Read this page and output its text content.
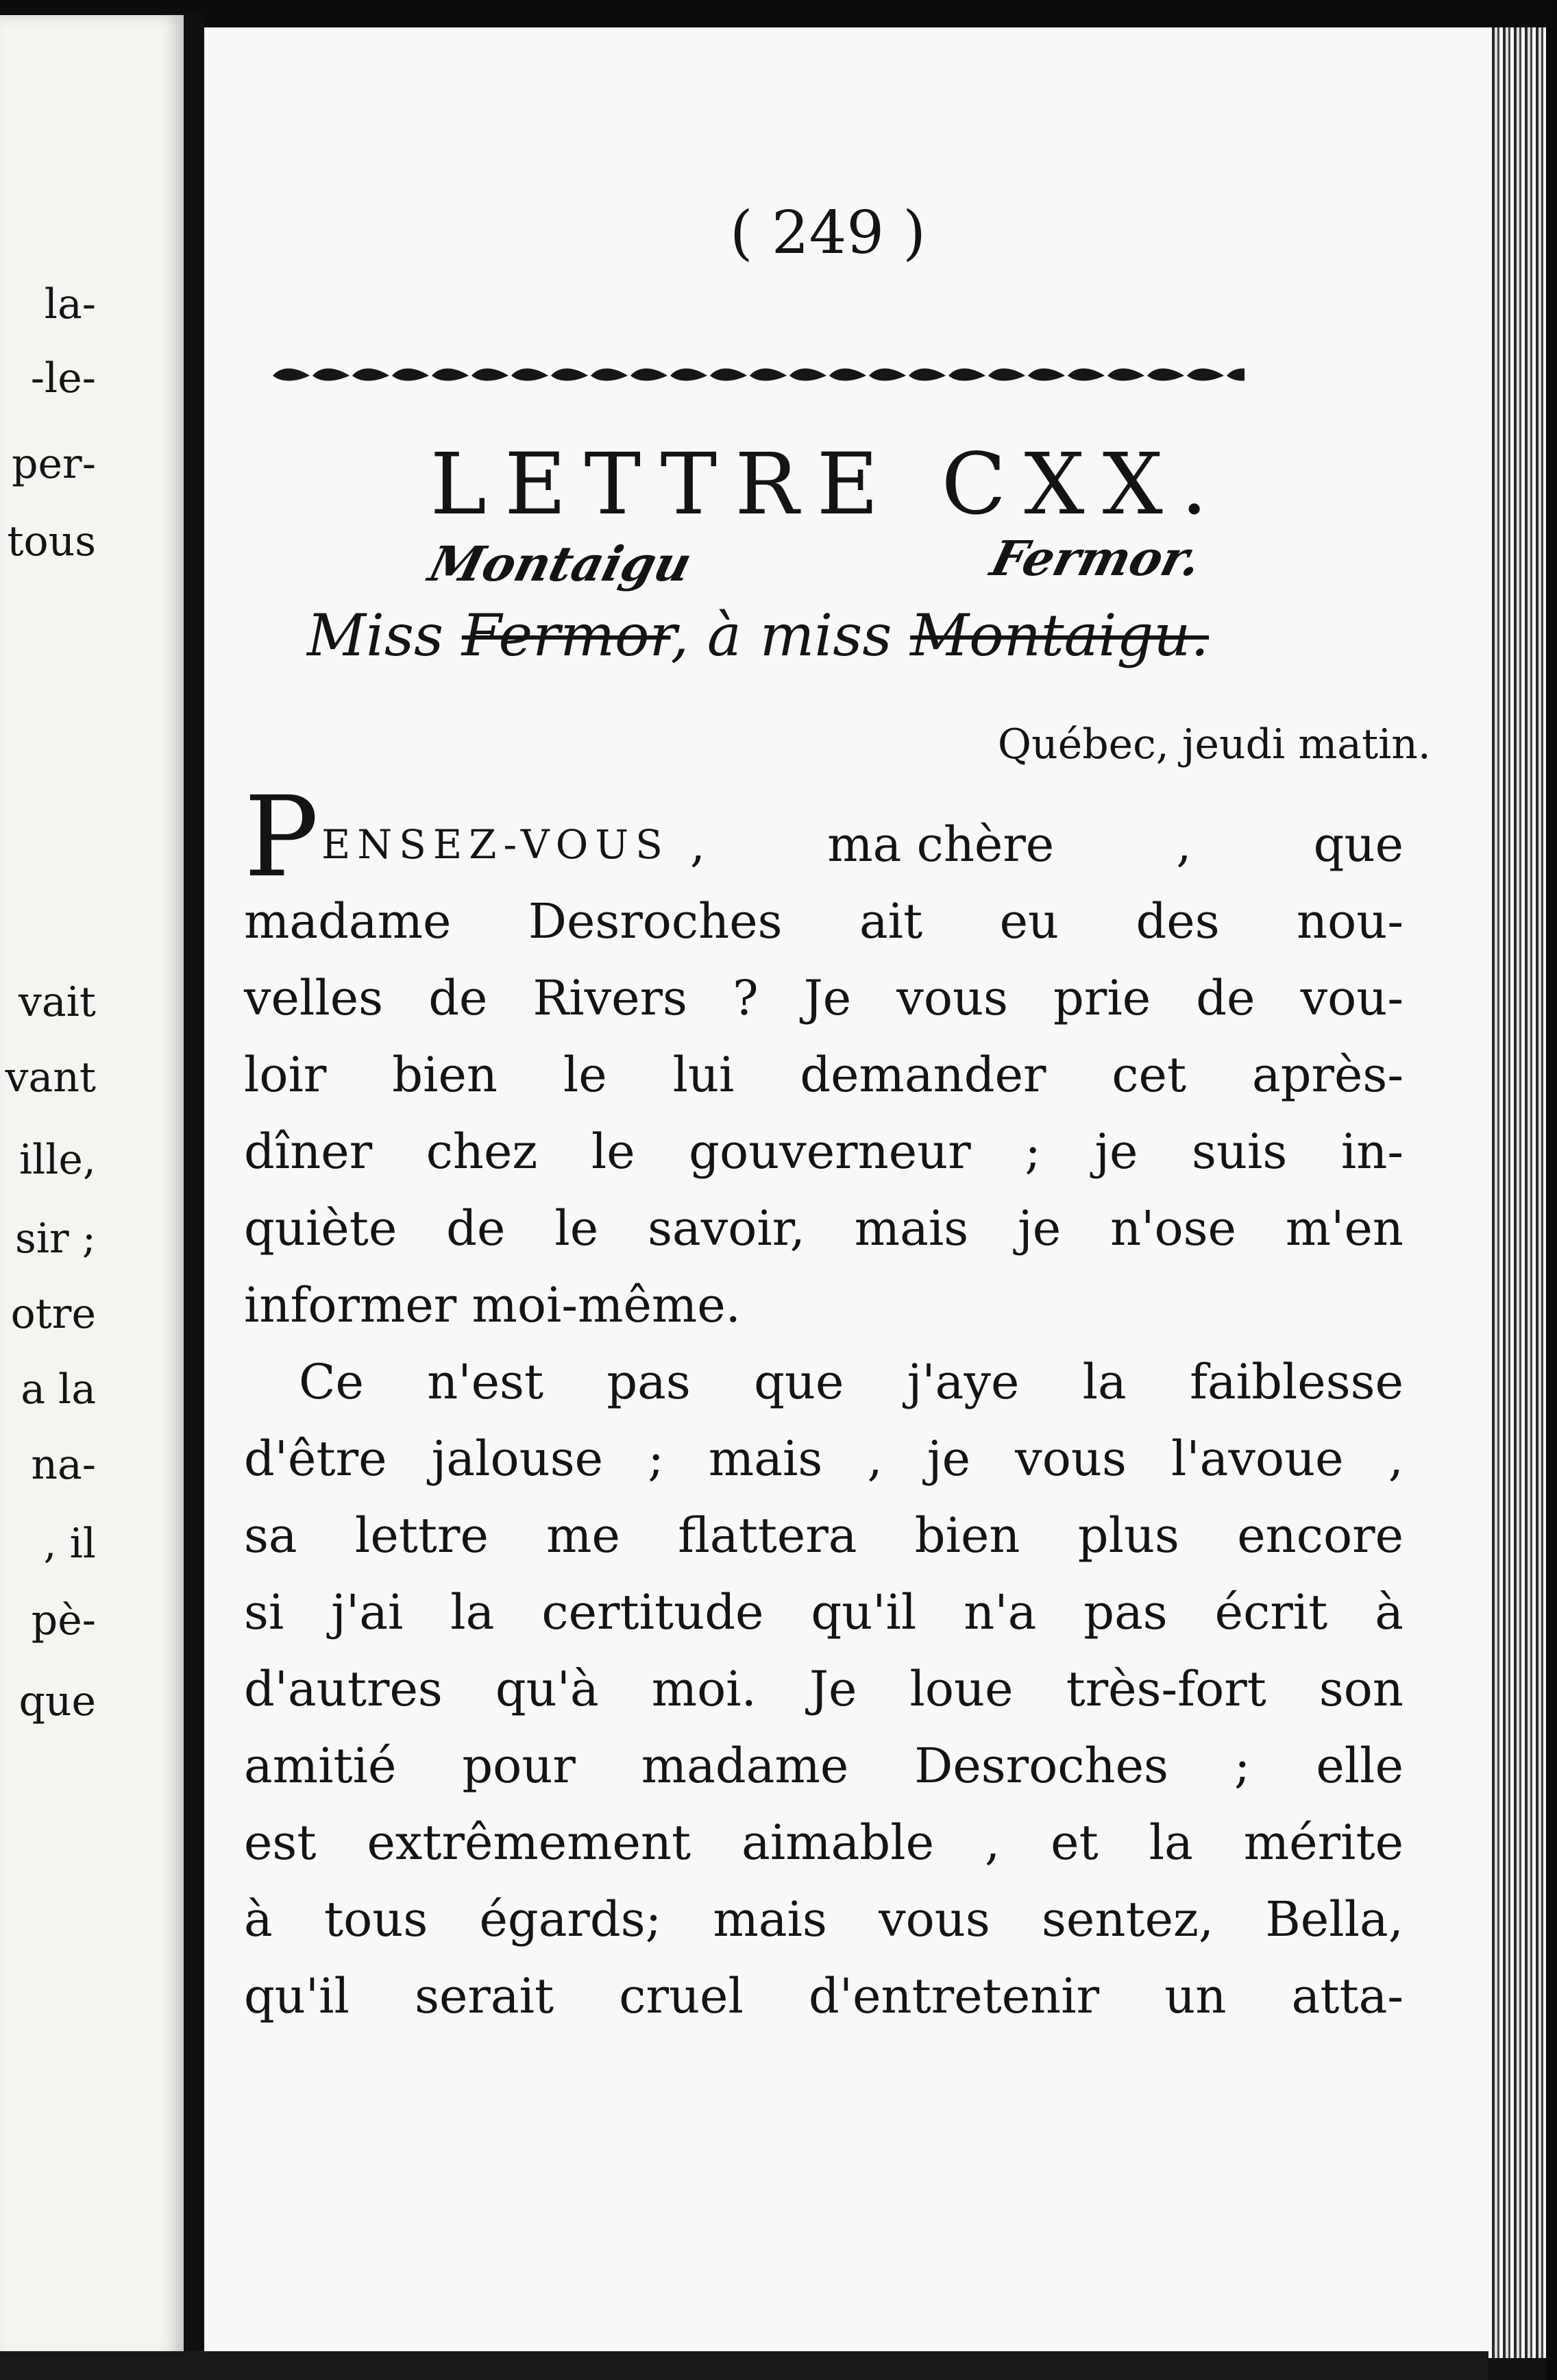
la-

-le-

per-

tous

vait

vant

ille,

sir ;

otre

a la

na-

, il

pè-

que

( 249 )

LETTRE CXX.

Montaigu	Fermor.

Miss Fermor, à miss Montaigu.

Québec, jeudi matin.

P ENSEZ-VOUS ,	ma chère	,	que
madame Desroches ait eu des nou-
velles de Rivers ? Je vous prie de vou-
loir bien le lui demander cet après-
dîner chez le gouverneur ; je suis in-
quiète de le savoir, mais je n'ose m'en
informer moi-même.
Ce n'est pas que j'aye la faiblesse
d'être jalouse ; mais , je vous l'avoue ,
sa lettre me flattera bien plus encore
si j'ai la certitude qu'il n'a pas écrit à
d'autres qu'à moi. Je loue très-fort son
amitié pour madame Desroches ; elle
est extrêmement aimable , et la mérite
à tous égards; mais vous sentez, Bella,
qu'il serait cruel d'entretenir un atta-
